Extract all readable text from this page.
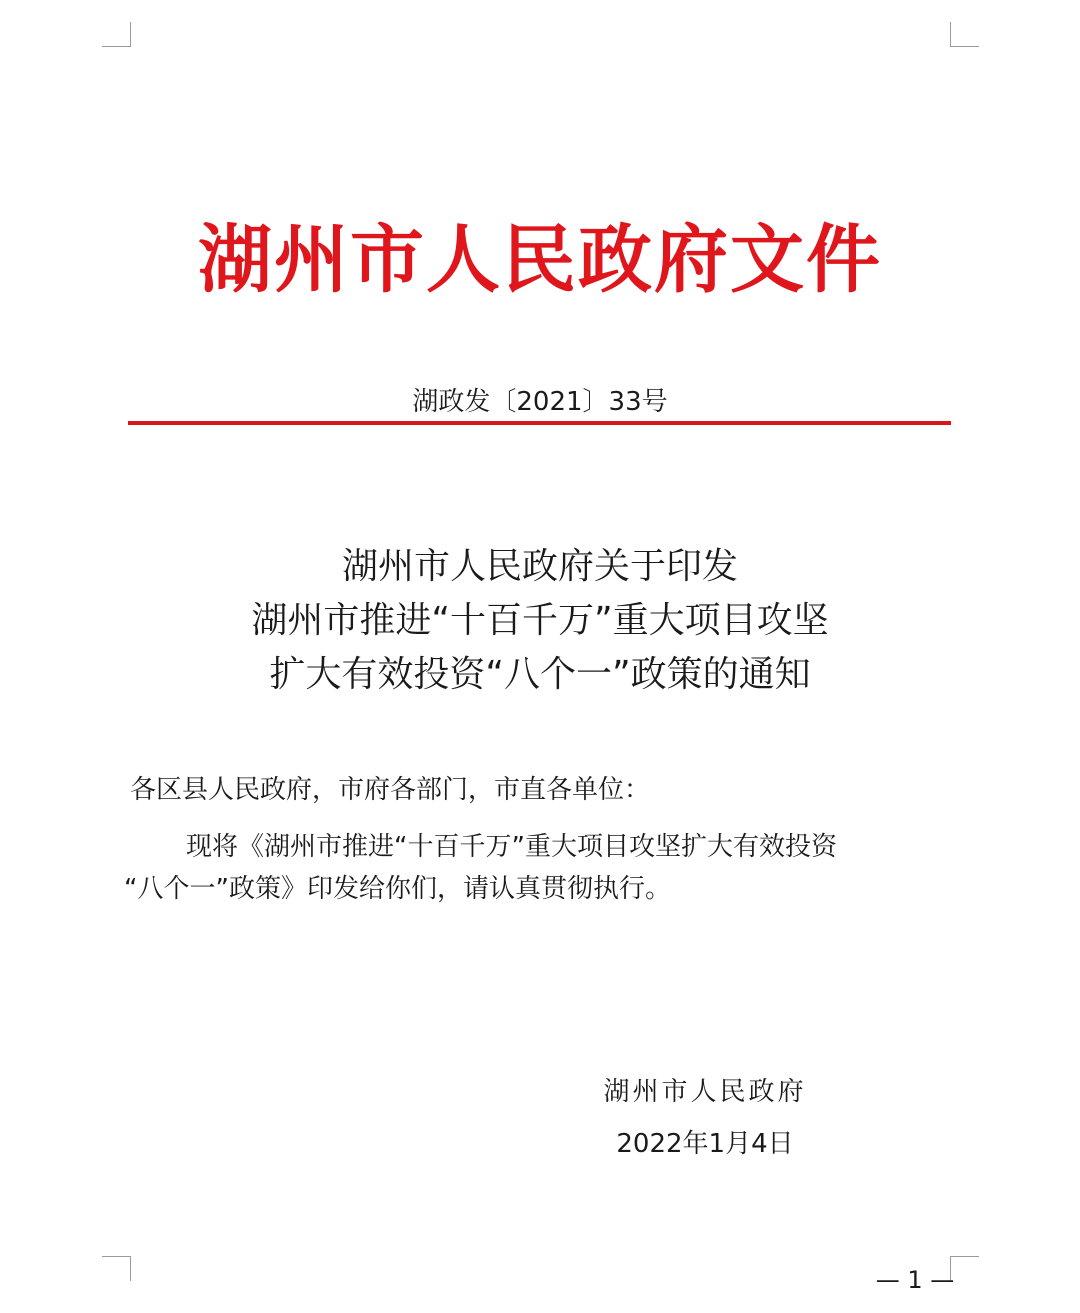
湖州市人民政府文件
湖政发〔2021〕33号
湖州市人民政府关于印发
湖州市推进“十百千万”重大项目攻坚
扩大有效投资“八个一”政策的通知
各区县人民政府，市府各部门，市直各单位：
现将《湖州市推进“十百千万”重大项目攻坚扩大有效投资
“八个一”政策》印发给你们，请认真贯彻执行。
湖州市人民政府
2022年1月4日
— 1 —
